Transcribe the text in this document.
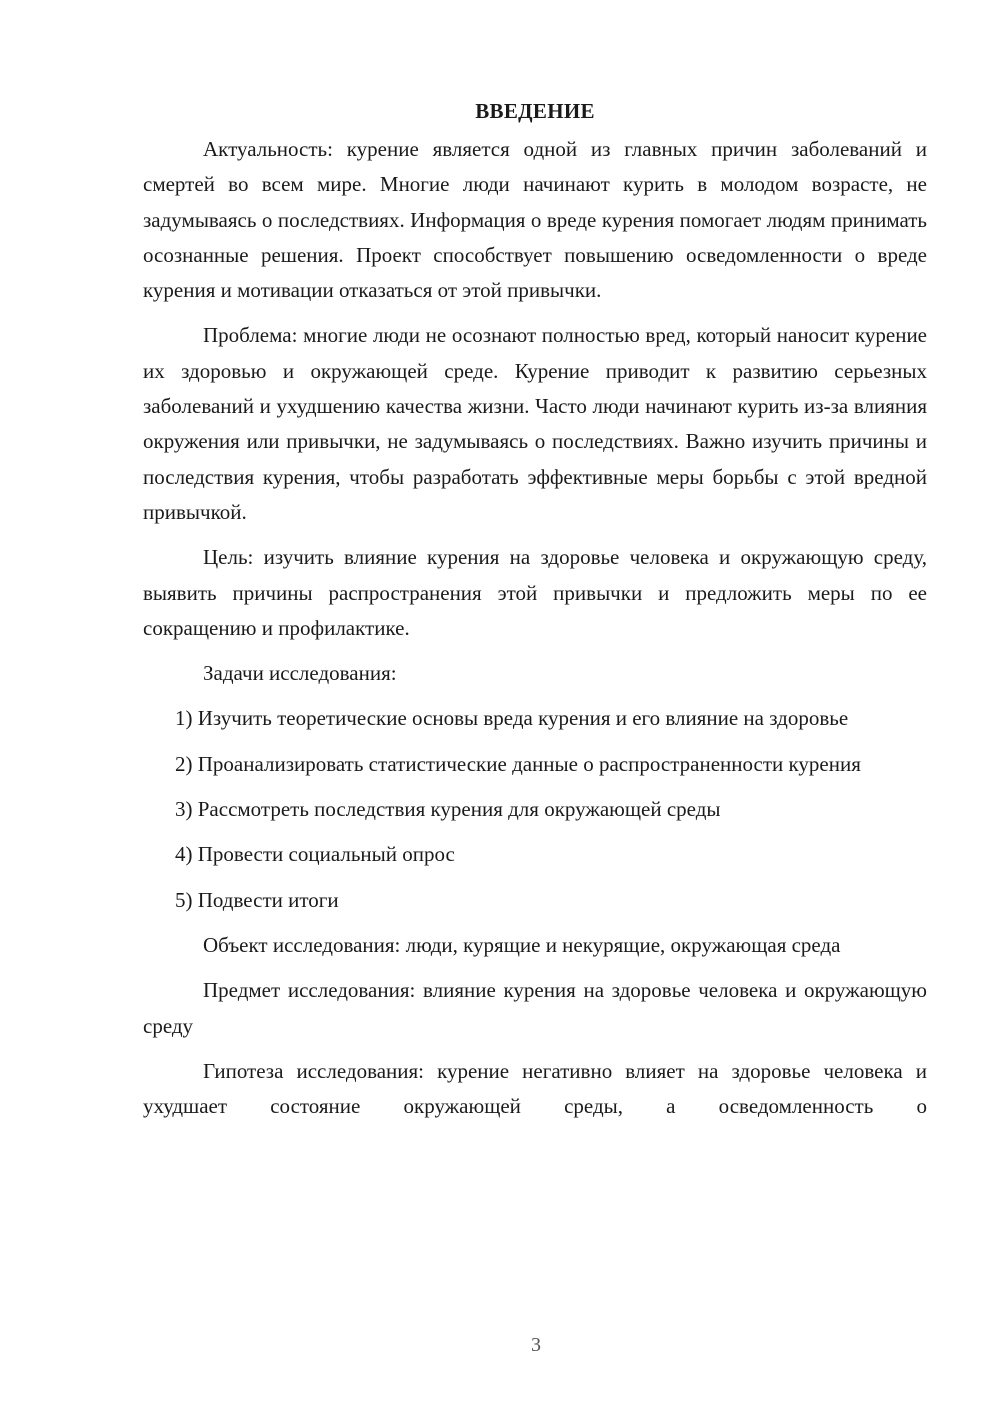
ВВЕДЕНИЕ

Актуальность: курение является одной из главных причин заболеваний и смертей во всем мире. Многие люди начинают курить в молодом возрасте, не задумываясь о последствиях. Информация о вреде курения помогает людям принимать осознанные решения. Проект способствует повышению осведомленности о вреде курения и мотивации отказаться от этой привычки.

Проблема: многие люди не осознают полностью вред, который наносит курение их здоровью и окружающей среде. Курение приводит к развитию серьезных заболеваний и ухудшению качества жизни. Часто люди начинают курить из-за влияния окружения или привычки, не задумываясь о последствиях. Важно изучить причины и последствия курения, чтобы разработать эффективные меры борьбы с этой вредной привычкой.

Цель: изучить влияние курения на здоровье человека и окружающую среду, выявить причины распространения этой привычки и предложить меры по ее сокращению и профилактике.

Задачи исследования:

1) Изучить теоретические основы вреда курения и его влияние на здоровье

2) Проанализировать статистические данные о распространенности курения

3) Рассмотреть последствия курения для окружающей среды

4) Провести социальный опрос

5) Подвести итоги

Объект исследования: люди, курящие и некурящие, окружающая среда

Предмет исследования: влияние курения на здоровье человека и окружающую среду

Гипотеза исследования: курение негативно влияет на здоровье человека и ухудшает состояние окружающей среды, а осведомленность о

3
